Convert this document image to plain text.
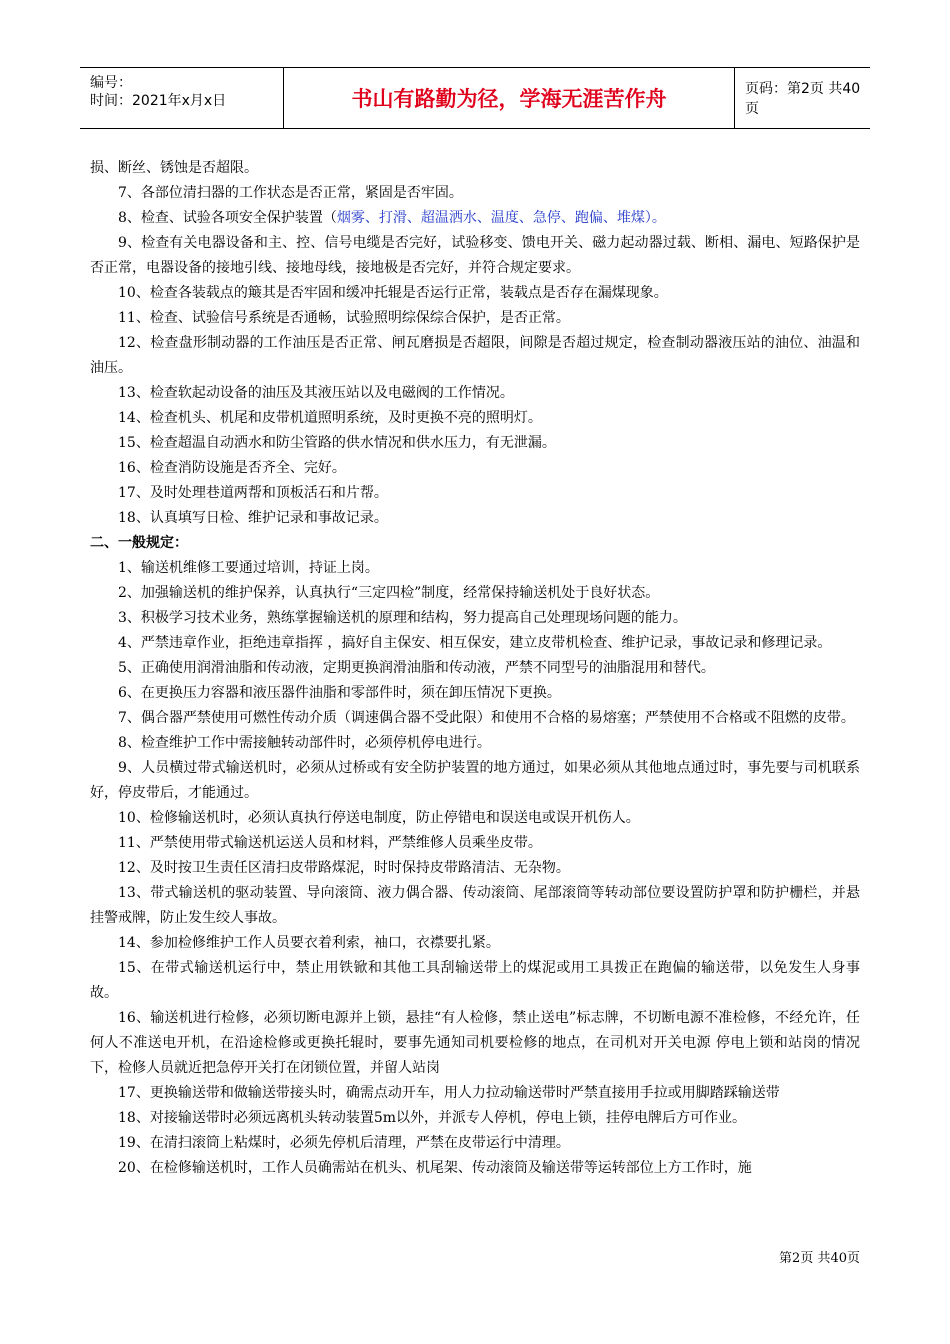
编号：
时间：2021年x月x日	书山有路勤为径，学海无涯苦作舟	页码：第2页 共40页
损、断丝、锈蚀是否超限。
7、各部位清扫器的工作状态是否正常，紧固是否牢固。
8、检查、试验各项安全保护装置（烟雾、打滑、超温洒水、温度、急停、跑偏、堆煤）。
9、检查有关电器设备和主、控、信号电缆是否完好，试验移变、馈电开关、磁力起动器过载、断相、漏电、短路保护是否正常，电器设备的接地引线、接地母线，接地极是否完好，并符合规定要求。
10、检查各装载点的簸其是否牢固和缓冲托辊是否运行正常，装载点是否存在漏煤现象。
11、检查、试验信号系统是否通畅，试验照明综保综合保护，是否正常。
12、检查盘形制动器的工作油压是否正常、闸瓦磨损是否超限，间隙是否超过规定，检查制动器液压站的油位、油温和油压。
13、检查软起动设备的油压及其液压站以及电磁阀的工作情况。
14、检查机头、机尾和皮带机道照明系统，及时更换不亮的照明灯。
15、检查超温自动洒水和防尘管路的供水情况和供水压力，有无泄漏。
16、检查消防设施是否齐全、完好。
17、及时处理巷道两帮和顶板活石和片帮。
18、认真填写日检、维护记录和事故记录。
二、一般规定：
1、输送机维修工要通过培训，持证上岗。
2、加强输送机的维护保养，认真执行“三定四检”制度，经常保持输送机处于良好状态。
3、积极学习技术业务，熟练掌握输送机的原理和结构，努力提高自己处理现场问题的能力。
4、严禁违章作业，拒绝违章指挥 ，搞好自主保安、相互保安，建立皮带机检查、维护记录，事故记录和修理记录。
5、正确使用润滑油脂和传动液，定期更换润滑油脂和传动液，严禁不同型号的油脂混用和替代。
6、在更换压力容器和液压器件油脂和零部件时，须在卸压情况下更换。
7、偶合器严禁使用可燃性传动介质（调速偶合器不受此限）和使用不合格的易熔塞；严禁使用不合格或不阻燃的皮带。
8、检查维护工作中需接触转动部件时，必须停机停电进行。
9、人员横过带式输送机时，必须从过桥或有安全防护装置的地方通过，如果必须从其他地点通过时，事先要与司机联系好，停皮带后，才能通过。
10、检修输送机时，必须认真执行停送电制度，防止停错电和误送电或误开机伤人。
11、严禁使用带式输送机运送人员和材料，严禁维修人员乘坐皮带。
12、及时按卫生责任区清扫皮带路煤泥，时时保持皮带路清洁、无杂物。
13、带式输送机的驱动装置、导向滚筒、液力偶合器、传动滚筒、尾部滚筒等转动部位要设置防护罩和防护栅栏，并悬挂警戒牌，防止发生绞人事故。
14、参加检修维护工作人员要衣着利索，袖口，衣襟要扎紧。
15、在带式输送机运行中，禁止用铁锨和其他工具刮输送带上的煤泥或用工具拨正在跑偏的输送带，以免发生人身事故。
16、输送机进行检修，必须切断电源并上锁，悬挂“有人检修，禁止送电”标志牌，不切断电源不准检修，不经允许，任何人不准送电开机，在沿途检修或更换托辊时，要事先通知司机要检修的地点，在司机对开关电源 停电上锁和站岗的情况下，检修人员就近把急停开关打在闭锁位置，并留人站岗
17、更换输送带和做输送带接头时，确需点动开车，用人力拉动输送带时严禁直接用手拉或用脚踏踩输送带
18、对接输送带时必须远离机头转动装置5m以外，并派专人停机，停电上锁，挂停电牌后方可作业。
19、在清扫滚筒上粘煤时，必须先停机后清理，严禁在皮带运行中清理。
20、在检修输送机时，工作人员确需站在机头、机尾架、传动滚筒及输送带等运转部位上方工作时，施
第2页 共40页
